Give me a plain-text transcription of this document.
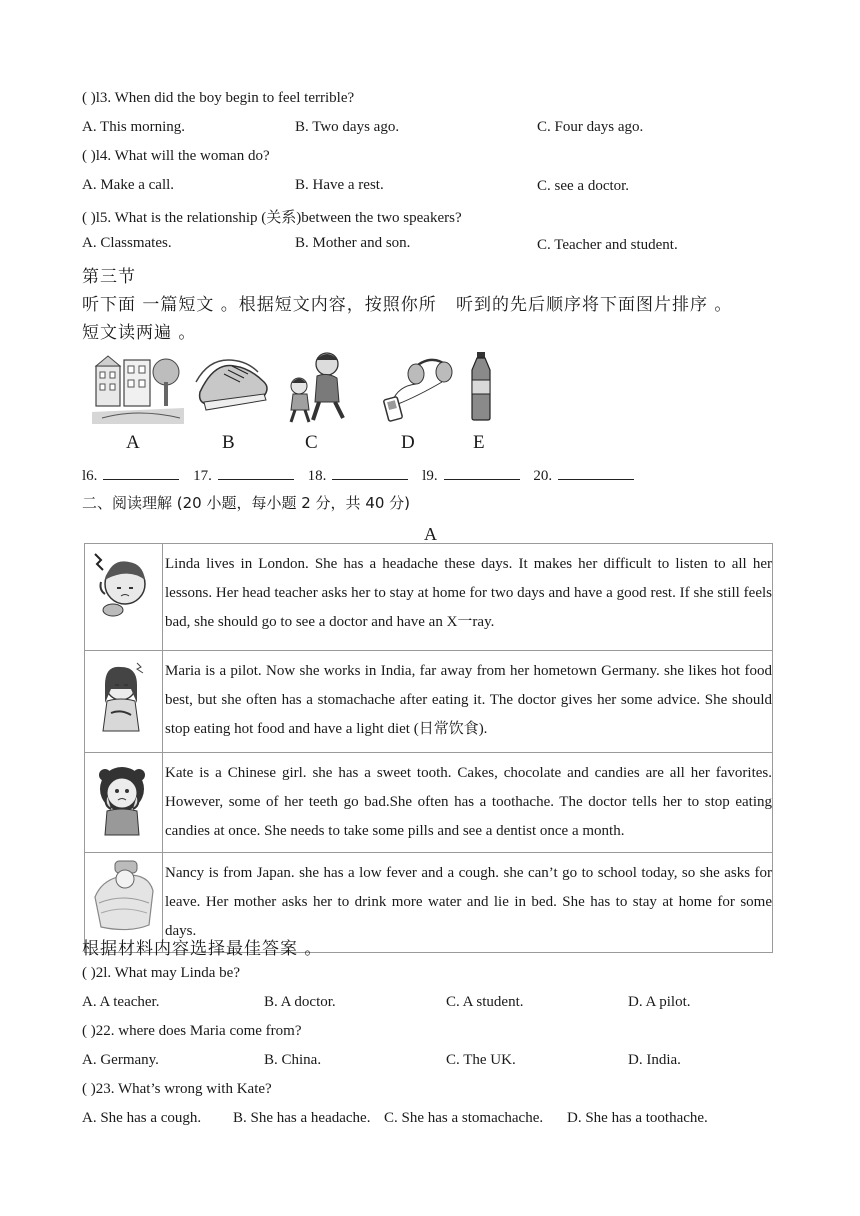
( )l3. When did the boy begin to feel terrible?
A. This morning.	B. Two days ago.	C. Four days ago.
( )l4. What will the woman do?
A. Make a call.	B. Have a rest.	C. see a doctor.
( )l5. What is the relationship (关系)between the two speakers?
A. Classmates.	B. Mother and son.	C. Teacher and student.
第三节
听下面 一篇短文 。根据短文内容，按照你所   听到的先后顺序将下面图片排序 。
短文读两遍 。
A	B	C	D	E
l6.	17.	18.	l9.	20.
二、阅读理解 (20 小题，每小题 2 分，共 40 分)
A
	Linda lives in London. She has a headache these days. It makes her difficult to listen to all her lessons. Her head teacher asks her to stay at home for two days and have a good rest. If she still feels bad, she should go to see a doctor and have an X一ray.

	Maria is a pilot. Now she works in India, far away from her hometown Germany. she likes hot food best, but she often has a stomachache after eating it. The doctor gives her some advice. She should stop eating hot food and have a light diet (日常饮食).

	Kate is a Chinese girl. she has a sweet tooth. Cakes, chocolate and candies are all her favorites. However, some of her teeth go bad.She often has a toothache. The doctor tells her to stop eating candies at once. She needs to take some pills and see a dentist once a month.

	Nancy is from Japan. she has a low fever and a cough. she can’t go to school today, so she asks for leave. Her mother asks her to drink more water and lie in bed. She has to stay at home for some days.
根据材料内容选择最佳答案 。
( )2l. What may Linda be?
A. A teacher.	B. A doctor.	C. A student.	D. A pilot.
( )22. where does Maria come from?
A. Germany.	B. China.	C. The UK.	D. India.
( )23. What’s wrong with Kate?
A. She has a cough. B. She has a headache. C. She has a stomachache. D. She has a toothache.
